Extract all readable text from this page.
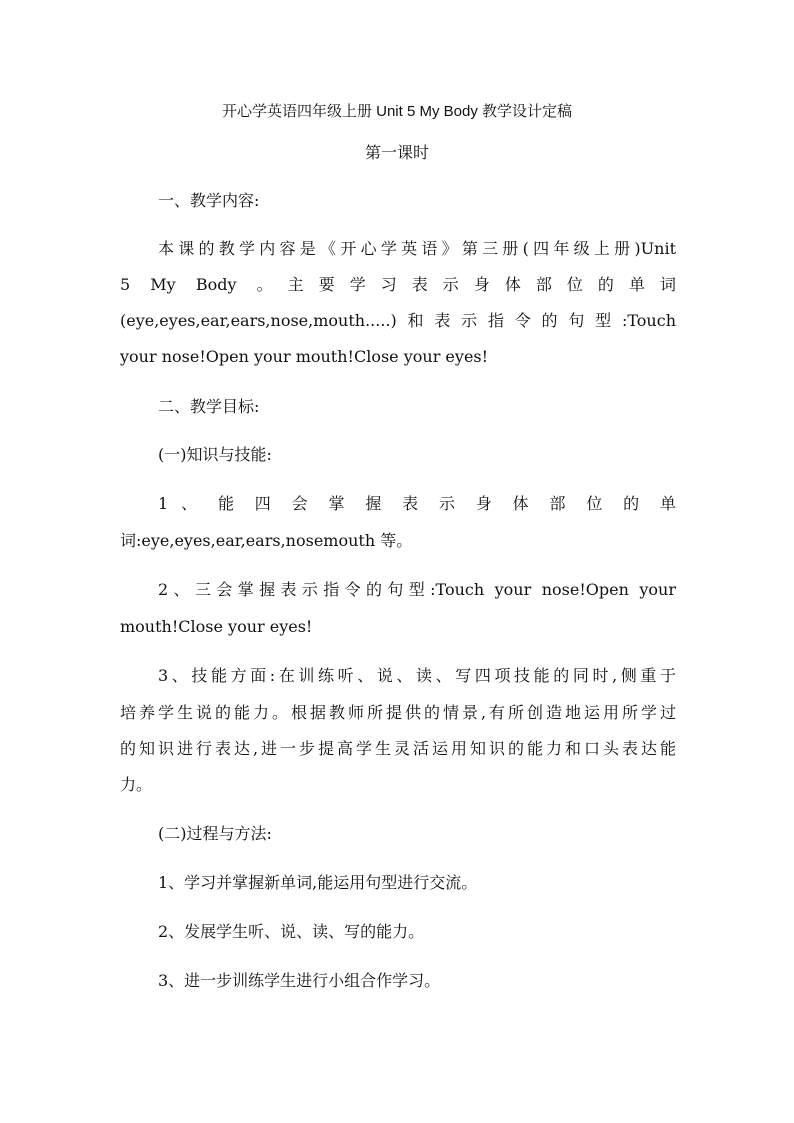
开心学英语四年级上册 Unit 5 My Body 教学设计定稿
第一课时
一、教学内容:
本课的教学内容是《开心学英语》第三册(四年级上册)Unit
5 My Body 。主要学习表示身体部位的单词
(eye,eyes,ear,ears,nose,mouth.....)和表示指令的句型:Touch
your nose!Open your mouth!Close your eyes!
二、教学目标:
(一)知识与技能:
1 、 能 四 会 掌 握 表 示 身 体 部 位 的 单
词:eye,eyes,ear,ears,nosemouth 等。
2、三会掌握表示指令的句型:Touch your nose!Open your
mouth!Close your eyes!
3、技能方面:在训练听、说、读、写四项技能的同时,侧重于
培养学生说的能力。根据教师所提供的情景,有所创造地运用所学过
的知识进行表达,进一步提高学生灵活运用知识的能力和口头表达能
力。
(二)过程与方法:
1、学习并掌握新单词,能运用句型进行交流。
2、发展学生听、说、读、写的能力。
3、进一步训练学生进行小组合作学习。
